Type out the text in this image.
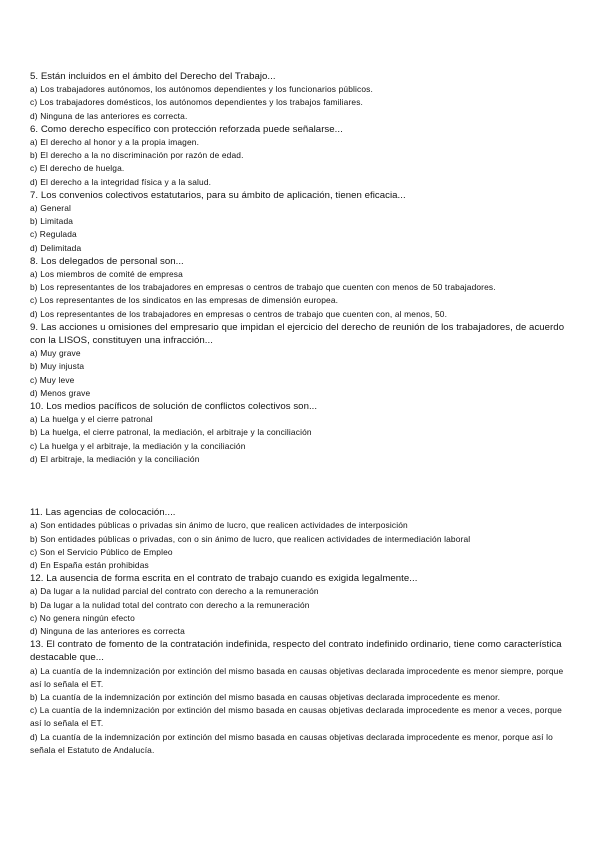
5. Están incluidos en el ámbito del Derecho del Trabajo...
a) Los trabajadores autónomos, los autónomos dependientes y los funcionarios públicos.
c) Los trabajadores domésticos, los autónomos dependientes y los trabajos familiares.
d) Ninguna de las anteriores es correcta.
6. Como derecho específico con protección reforzada puede señalarse...
a) El derecho al honor y a la propia imagen.
b) El derecho a la no discriminación por razón de edad.
c) El derecho de huelga.
d) El derecho a la integridad física y a la salud.
7. Los convenios colectivos estatutarios, para su ámbito de aplicación, tienen eficacia...
a) General
b) Limitada
c) Regulada
d) Delimitada
8. Los delegados de personal son...
a) Los miembros de comité de empresa
b) Los representantes de los trabajadores en empresas o centros de trabajo que cuenten con menos de 50 trabajadores.
c) Los representantes de los sindicatos en las empresas de dimensión europea.
d) Los representantes de los trabajadores en empresas o centros de trabajo que cuenten con, al menos, 50.
9. Las acciones u omisiones del empresario que impidan el ejercicio del derecho de reunión de los trabajadores, de acuerdo con la LISOS, constituyen una infracción...
a) Muy grave
b) Muy injusta
c) Muy leve
d) Menos grave
10. Los medios pacíficos de solución de conflictos colectivos son...
a) La huelga y el cierre patronal
b) La huelga, el cierre patronal, la mediación, el arbitraje y la conciliación
c) La huelga y el arbitraje, la mediación y la conciliación
d) El arbitraje, la mediación y la conciliación
11. Las agencias de colocación....
a) Son entidades públicas o privadas sin ánimo de lucro, que realicen actividades de interposición
b) Son entidades públicas o privadas, con o sin ánimo de lucro, que realicen actividades de intermediación laboral
c) Son el Servicio Público de Empleo
d) En España están prohibidas
12. La ausencia de forma escrita en el contrato de trabajo cuando es exigida legalmente...
a) Da lugar a la nulidad parcial del contrato con derecho a la remuneración
b) Da lugar a la nulidad total del contrato con derecho a la remuneración
c) No genera ningún efecto
d) Ninguna de las anteriores es correcta
13. El contrato de fomento de la contratación indefinida, respecto del contrato indefinido ordinario, tiene como característica destacable que...
a) La cuantía de la indemnización por extinción del mismo basada en causas objetivas declarada improcedente es menor siempre, porque así lo señala el ET.
b) La cuantía de la indemnización por extinción del mismo basada en causas objetivas declarada improcedente es menor.
c) La cuantía de la indemnización por extinción del mismo basada en causas objetivas declarada improcedente es menor a veces, porque así lo señala el ET.
d) La cuantía de la indemnización por extinción del mismo basada en causas objetivas declarada improcedente es menor, porque así lo señala el Estatuto de Andalucía.
